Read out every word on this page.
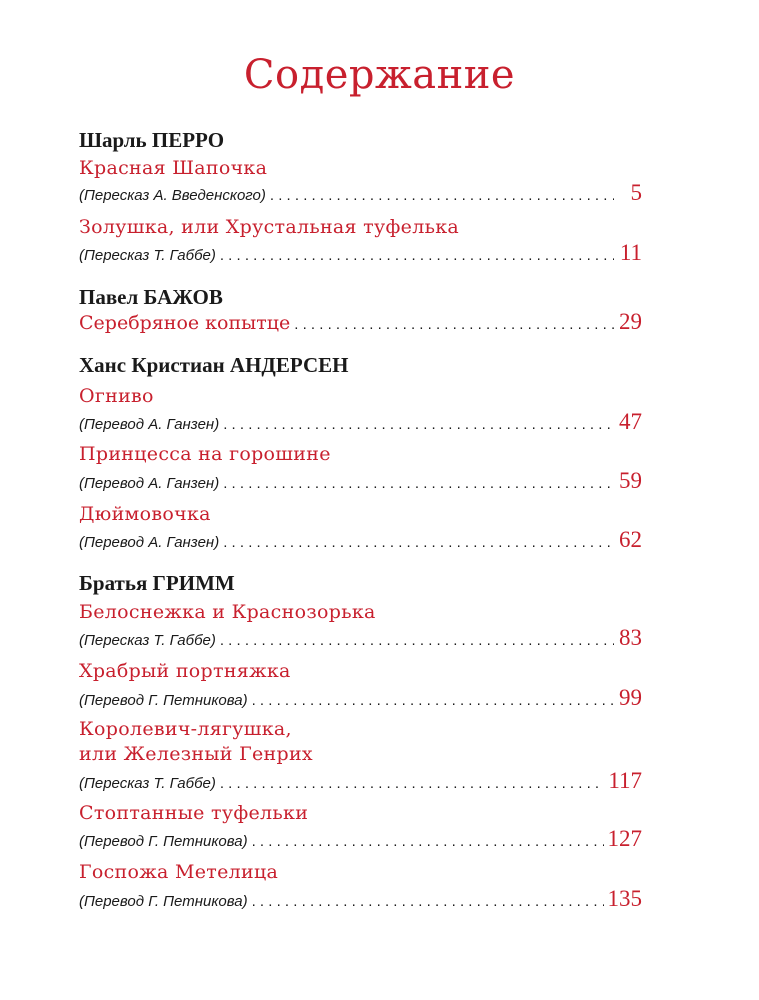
Содержание
Шарль ПЕРРО
Красная Шапочка
(Пересказ А. Введенского) . . .	5
Золушка, или Хрустальная туфелька
(Пересказ Т. Габбе) . . .	11
Павел БАЖОВ
Серебряное копытце . . .	29
Ханс Кристиан АНДЕРСЕН
Огниво
(Перевод А. Ганзен) . . .	47
Принцесса на горошине
(Перевод А. Ганзен) . . .	59
Дюймовочка
(Перевод А. Ганзен) . . .	62
Братья ГРИММ
Белоснежка и Краснозорька
(Пересказ Т. Габбе) . . .	83
Храбрый портняжка
(Перевод Г. Петникова) . . .	99
Королевич-лягушка,
или Железный Генрих
(Пересказ Т. Габбе) . . .	117
Стоптанные туфельки
(Перевод Г. Петникова) . . .	127
Госпожа Метелица
(Перевод Г. Петникова) . . .	135
